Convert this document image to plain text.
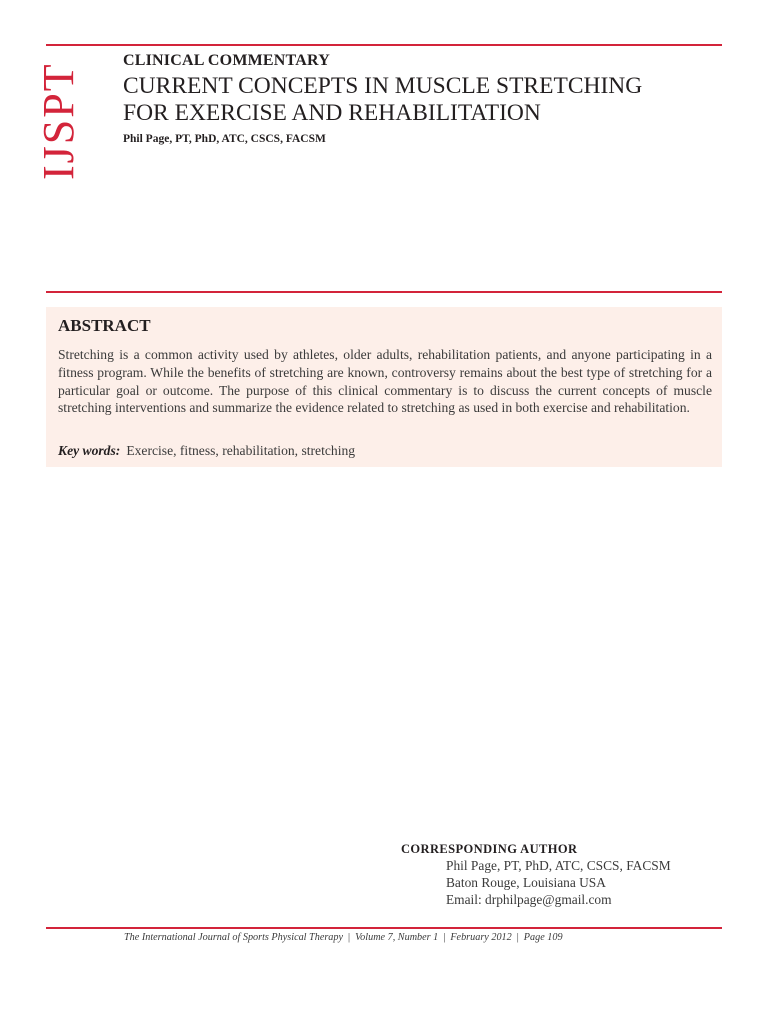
IJSPT
CLINICAL COMMENTARY
CURRENT CONCEPTS IN MUSCLE STRETCHING
FOR EXERCISE AND REHABILITATION
Phil Page, PT, PhD, ATC, CSCS, FACSM
ABSTRACT

Stretching is a common activity used by athletes, older adults, rehabilitation patients, and anyone participating in a fitness program. While the benefits of stretching are known, controversy remains about the best type of stretching for a particular goal or outcome. The purpose of this clinical commentary is to discuss the current concepts of muscle stretching interventions and summarize the evidence related to stretching as used in both exercise and rehabilitation.

Key words: Exercise, fitness, rehabilitation, stretching
CORRESPONDING AUTHOR
Phil Page, PT, PhD, ATC, CSCS, FACSM
Baton Rouge, Louisiana USA
Email: drphilpage@gmail.com
The International Journal of Sports Physical Therapy | Volume 7, Number 1 | February 2012 | Page 109
